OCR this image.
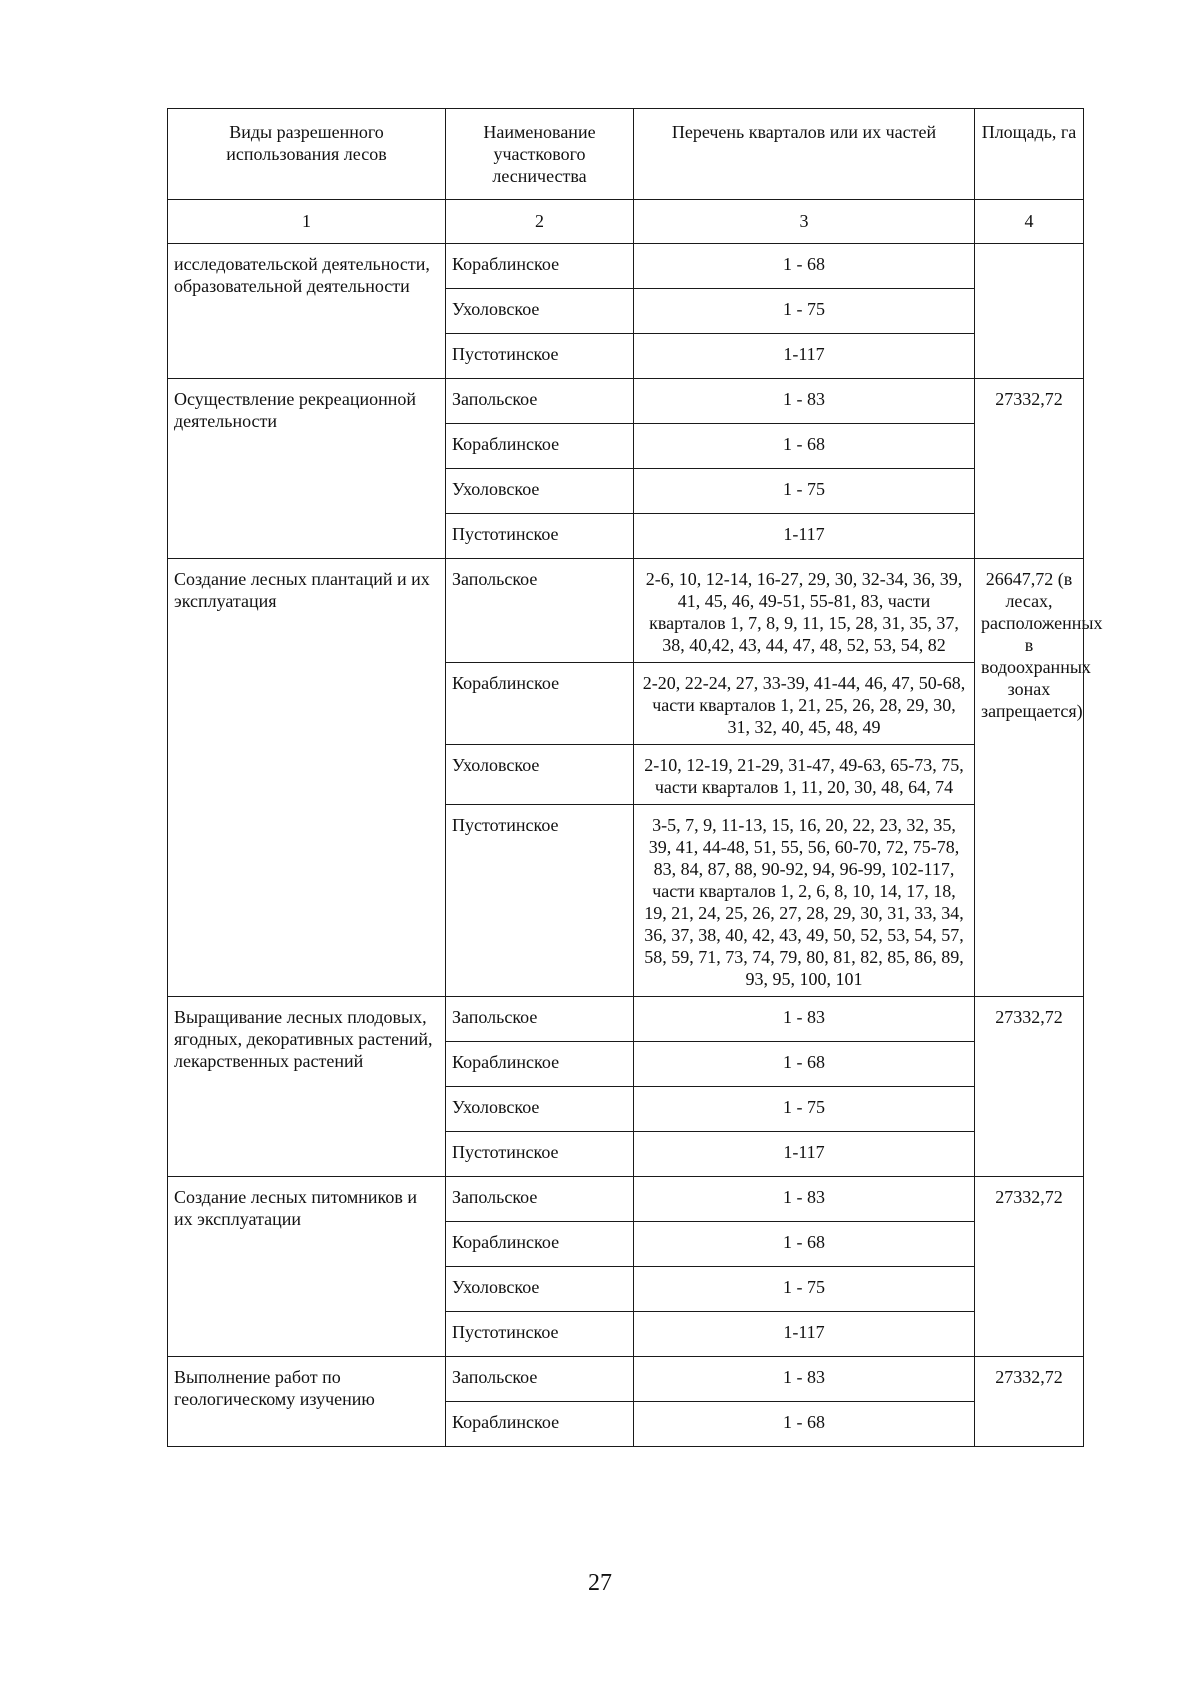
Виды разрешенного использования лесов	Наименование участкового лесничества	Перечень кварталов или их частей	Площадь, га
1	2	3	4
исследовательской деятельности, образовательной деятельности	Кораблинское	1 - 68	
	Ухоловское	1 - 75	
	Пустотинское	1-117	
Осуществление рекреационной деятельности	Запольское	1 - 83	27332,72
	Кораблинское	1 - 68	
	Ухоловское	1 - 75	
	Пустотинское	1-117	
Создание лесных плантаций и их эксплуатация	Запольское	2-6, 10, 12-14, 16-27, 29, 30, 32-34, 36, 39, 41, 45, 46, 49-51, 55-81, 83, части кварталов 1, 7, 8, 9, 11, 15, 28, 31, 35, 37, 38, 40,42, 43, 44, 47, 48, 52, 53, 54, 82	26647,72 (в лесах, расположенных в водоохранных зонах запрещается)
	Кораблинское	2-20, 22-24, 27, 33-39, 41-44, 46, 47, 50-68, части кварталов 1, 21, 25, 26, 28, 29, 30, 31, 32, 40, 45, 48, 49	
	Ухоловское	2-10, 12-19, 21-29, 31-47, 49-63, 65-73, 75, части кварталов 1, 11, 20, 30, 48, 64, 74	
	Пустотинское	3-5, 7, 9, 11-13, 15, 16, 20, 22, 23, 32, 35, 39, 41, 44-48, 51, 55, 56, 60-70, 72, 75-78, 83, 84, 87, 88, 90-92, 94, 96-99, 102-117, части кварталов 1, 2, 6, 8, 10, 14, 17, 18, 19, 21, 24, 25, 26, 27, 28, 29, 30, 31, 33, 34, 36, 37, 38, 40, 42, 43, 49, 50, 52, 53, 54, 57, 58, 59, 71, 73, 74, 79, 80, 81, 82, 85, 86, 89, 93, 95, 100, 101	
Выращивание лесных плодовых, ягодных, декоративных растений, лекарственных растений	Запольское	1 - 83	27332,72
	Кораблинское	1 - 68	
	Ухоловское	1 - 75	
	Пустотинское	1-117	
Создание лесных питомников и их эксплуатации	Запольское	1 - 83	27332,72
	Кораблинское	1 - 68	
	Ухоловское	1 - 75	
	Пустотинское	1-117	
Выполнение работ по геологическому изучению	Запольское	1 - 83	27332,72
	Кораблинское	1 - 68	
27
